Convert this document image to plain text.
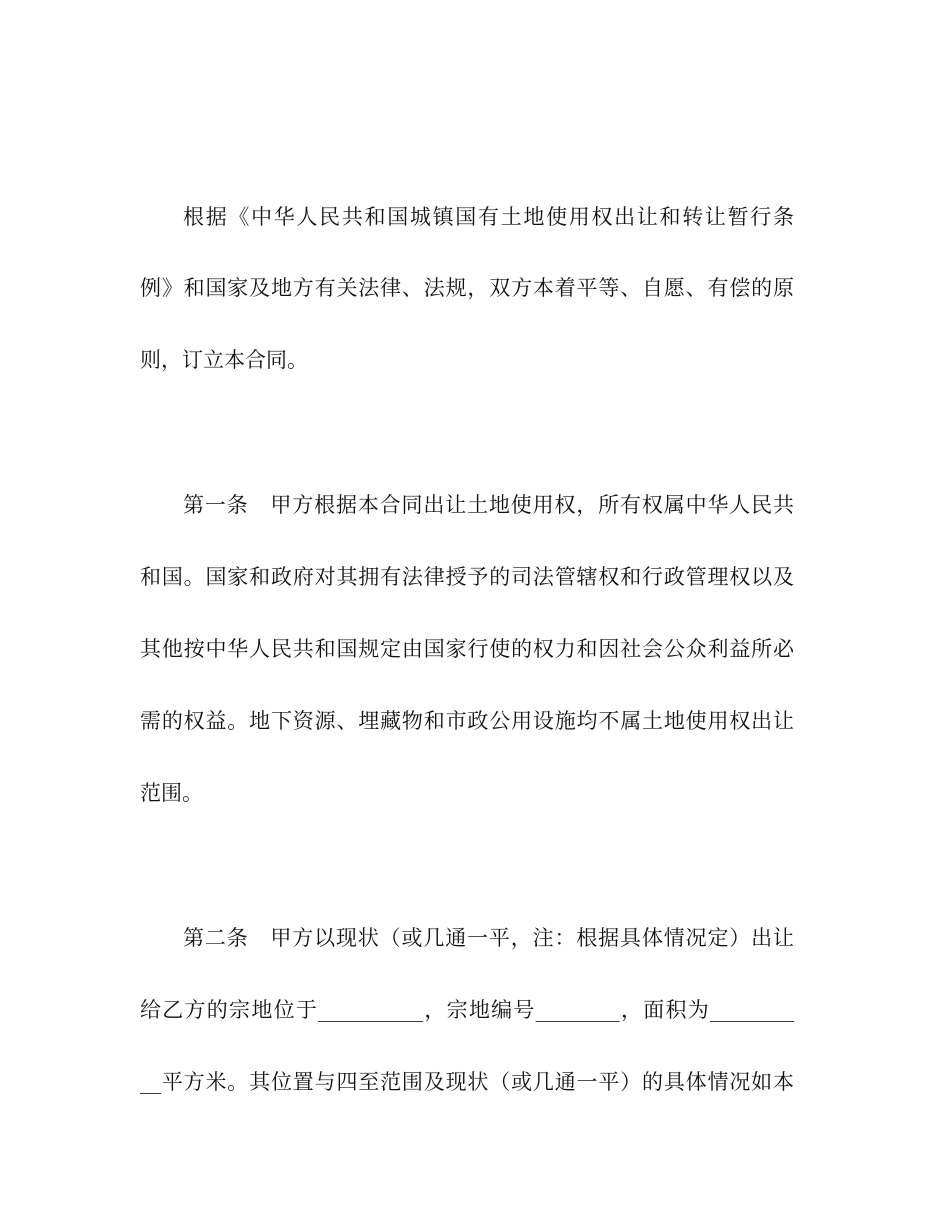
根据《中华人民共和国城镇国有土地使用权出让和转让暂行条
例》和国家及地方有关法律、法规，双方本着平等、自愿、有偿的原
则，订立本合同。
第一条　甲方根据本合同出让土地使用权，所有权属中华人民共
和国。国家和政府对其拥有法律授予的司法管辖权和行政管理权以及
其他按中华人民共和国规定由国家行使的权力和因社会公众利益所必
需的权益。地下资源、埋藏物和市政公用设施均不属土地使用权出让
范围。
第二条　甲方以现状（或几通一平，注：根据具体情况定）出让
给乙方的宗地位于__________，宗地编号________，面积为________
__平方米。其位置与四至范围及现状（或几通一平）的具体情况如本
